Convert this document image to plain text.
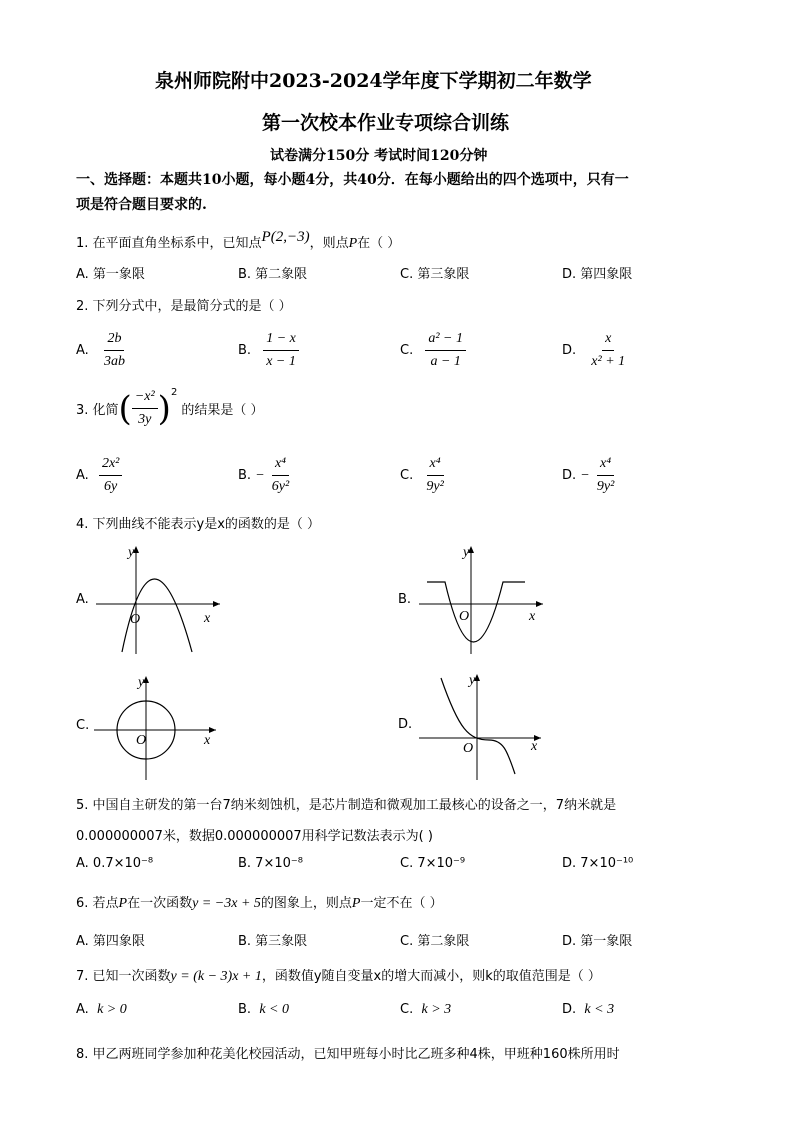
泉州师院附中2023-2024学年度下学期初二年数学
第一次校本作业专项综合训练
试卷满分150分 考试时间120分钟
一、选择题：本题共10小题，每小题4分，共40分．在每小题给出的四个选项中，只有一
项是符合题目要求的.
1. 在平面直角坐标系中，已知点P(2,−3)，则点P在（ ）
A. 第一象限	B. 第二象限	C. 第三象限	D. 第四象限
2. 下列分式中，是最简分式的是（ ）
A. $\frac{2b}{3ab}$	B. $\frac{1 - x}{x - 1}$	C. $\frac{\text{a² − 1}}{a - 1}$	D. $\frac{x}{\text{x² + 1}}$
3. 化简 ( $\frac{\text{−x²}}{3y}$ ) 2
的结果是（ ）
A. $\frac{\text{2x²}}{6y}$	B. − $\frac{\text{x⁴}}{\text{6y²}}$	C. $\frac{\text{x⁴}}{\text{9y²}}$	D. − $\frac{\text{x⁴}}{\text{9y²}}$
4. 下列曲线不能表示y是x的函数的是（ ）
A.
y
x
O
B.
y
x
O
C.
y
x
O
D.
y
x
O
5. 中国自主研发的第一台7纳米刻蚀机，是芯片制造和微观加工最核心的设备之一，7纳米就是
0.000000007米，数据0.000000007用科学记数法表示为( )
A. 0.7×10⁻⁸	B. 7×10⁻⁸	C. 7×10⁻⁹	D. 7×10⁻¹⁰
6. 若点P在一次函数y = −3x + 5的图象上，则点P一定不在（ ）
A. 第四象限	B. 第三象限	C. 第二象限	D. 第一象限
7. 已知一次函数y = (k − 3)x + 1，函数值y随自变量x的增大而减小，则k的取值范围是（ ）
A. k > 0	B. k < 0	C. k > 3	D. k < 3
8. 甲乙两班同学参加种花美化校园活动，已知甲班每小时比乙班多种4株，甲班种160株所用时
